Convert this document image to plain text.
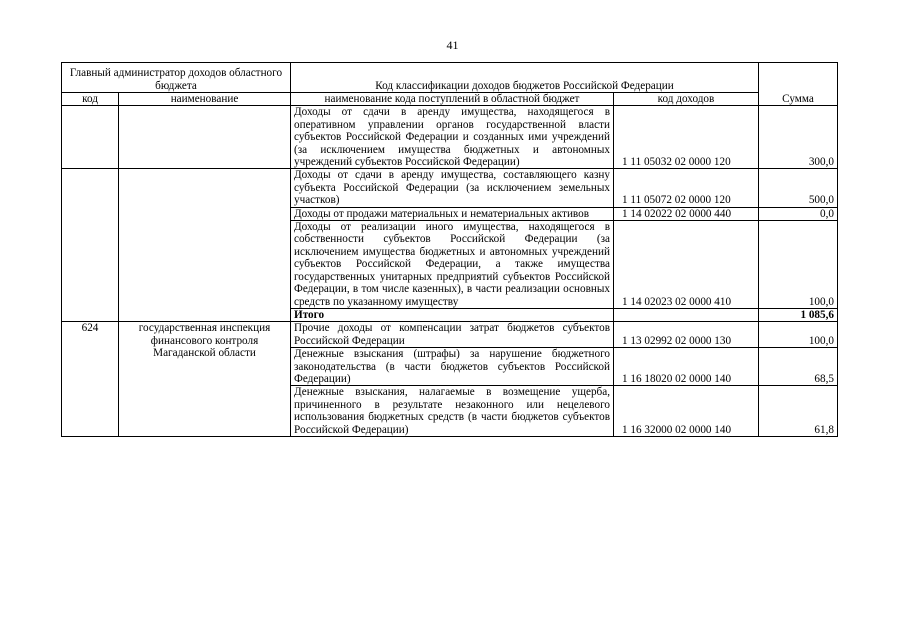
41
Главный администратор доходов областного бюджета		Код классификации доходов бюджетов Российской Федерации		Сумма
код	наименование	наименование кода поступлений в областной бюджет	код доходов	
		Доходы от сдачи в аренду имущества, находящегося в оперативном управлении органов государственной власти субъектов Российской Федерации и созданных ими учреждений (за исключением имущества бюджетных и автономных учреждений субъектов Российской Федерации)	1 11 05032 02 0000 120	300,0
		Доходы от сдачи в аренду имущества, составляющего казну субъекта Российской Федерации (за исключением земельных участков)	1 11 05072 02 0000 120	500,0
		Доходы от продажи материальных и нематериальных активов	1 14 02022 02 0000 440	0,0
		Доходы от реализации иного имущества, находящегося в собственности субъектов Российской Федерации (за исключением имущества бюджетных и автономных учреждений субъектов Российской Федерации, а также имущества государственных унитарных предприятий субъектов Российской Федерации, в том числе казенных), в части реализации основных средств по указанному имуществу	1 14 02023 02 0000 410	100,0
		Итого		1 085,6
624	государственная инспекция финансового контроля Магаданской области	Прочие доходы от компенсации затрат бюджетов субъектов Российской Федерации	1 13 02992 02 0000 130	100,0
		Денежные взыскания (штрафы) за нарушение бюджетного законодательства (в части бюджетов субъектов Российской Федерации)	1 16 18020 02 0000 140	68,5
		Денежные взыскания, налагаемые в возмещение ущерба, причиненного в результате незаконного или нецелевого использования бюджетных средств (в части бюджетов субъектов Российской Федерации)	1 16 32000 02 0000 140	61,8
